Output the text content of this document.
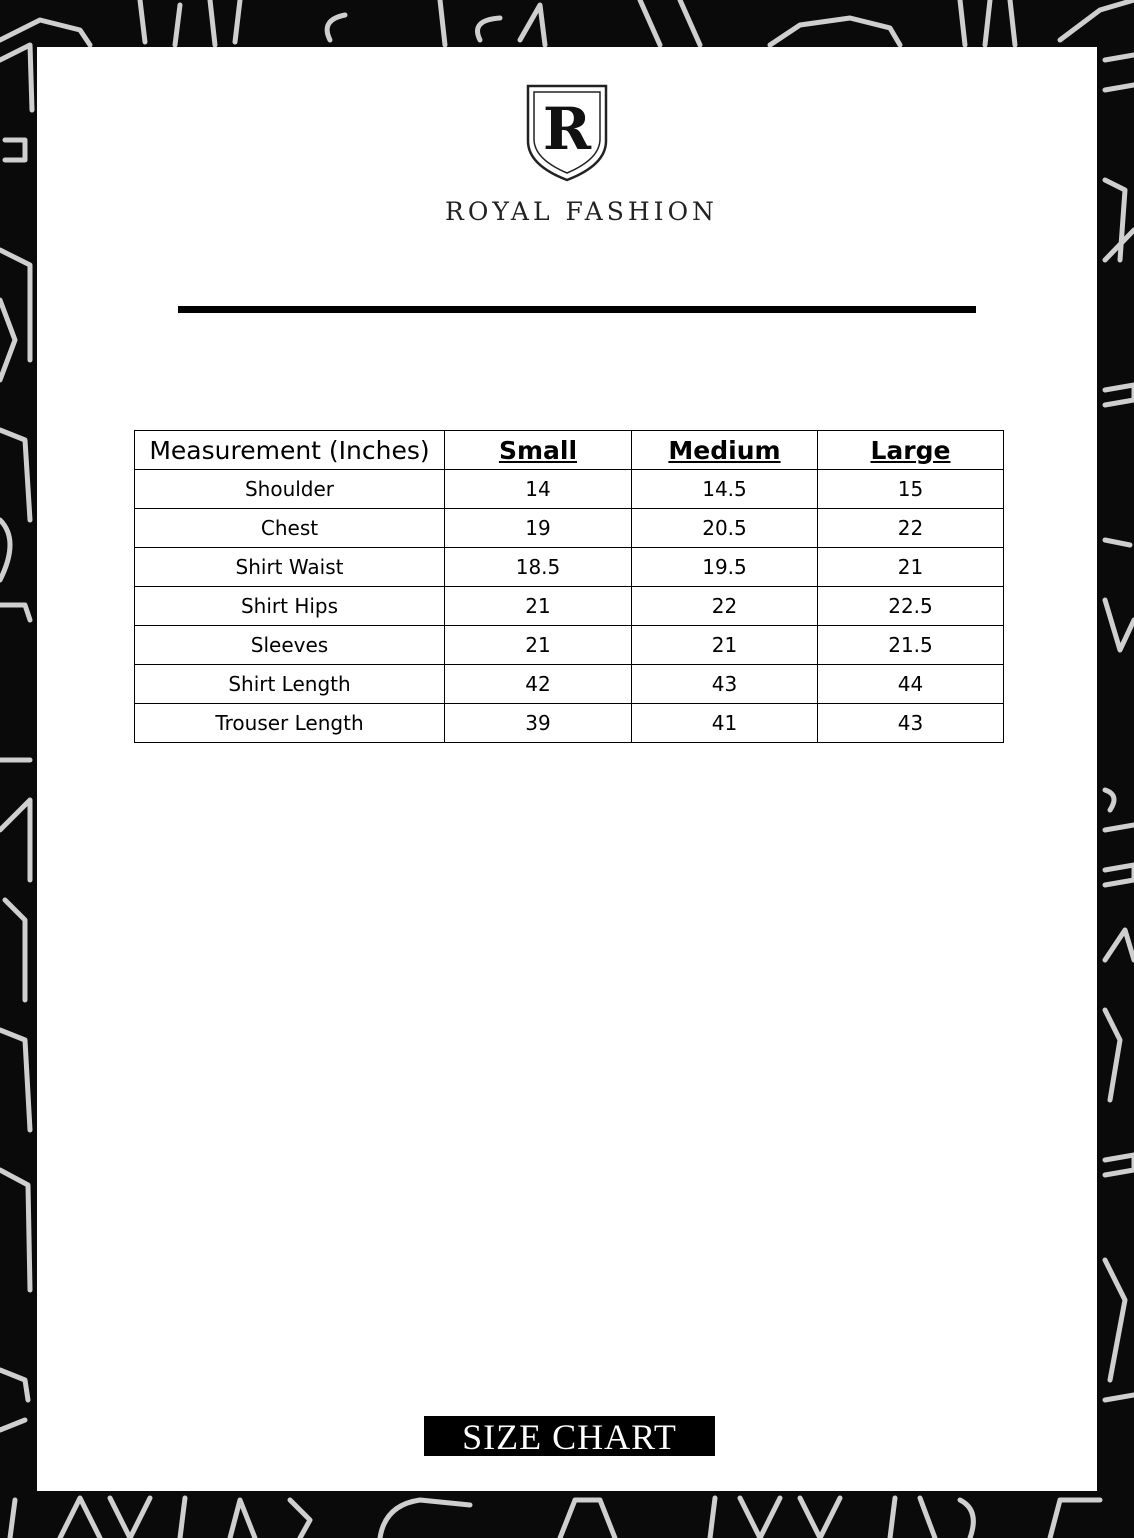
R
ROYAL FASHION
Measurement (Inches)	Small	Medium	Large
Shoulder	14	14.5	15
Chest	19	20.5	22
Shirt Waist	18.5	19.5	21
Shirt Hips	21	22	22.5
Sleeves	21	21	21.5
Shirt Length	42	43	44
Trouser Length	39	41	43
SIZE CHART
